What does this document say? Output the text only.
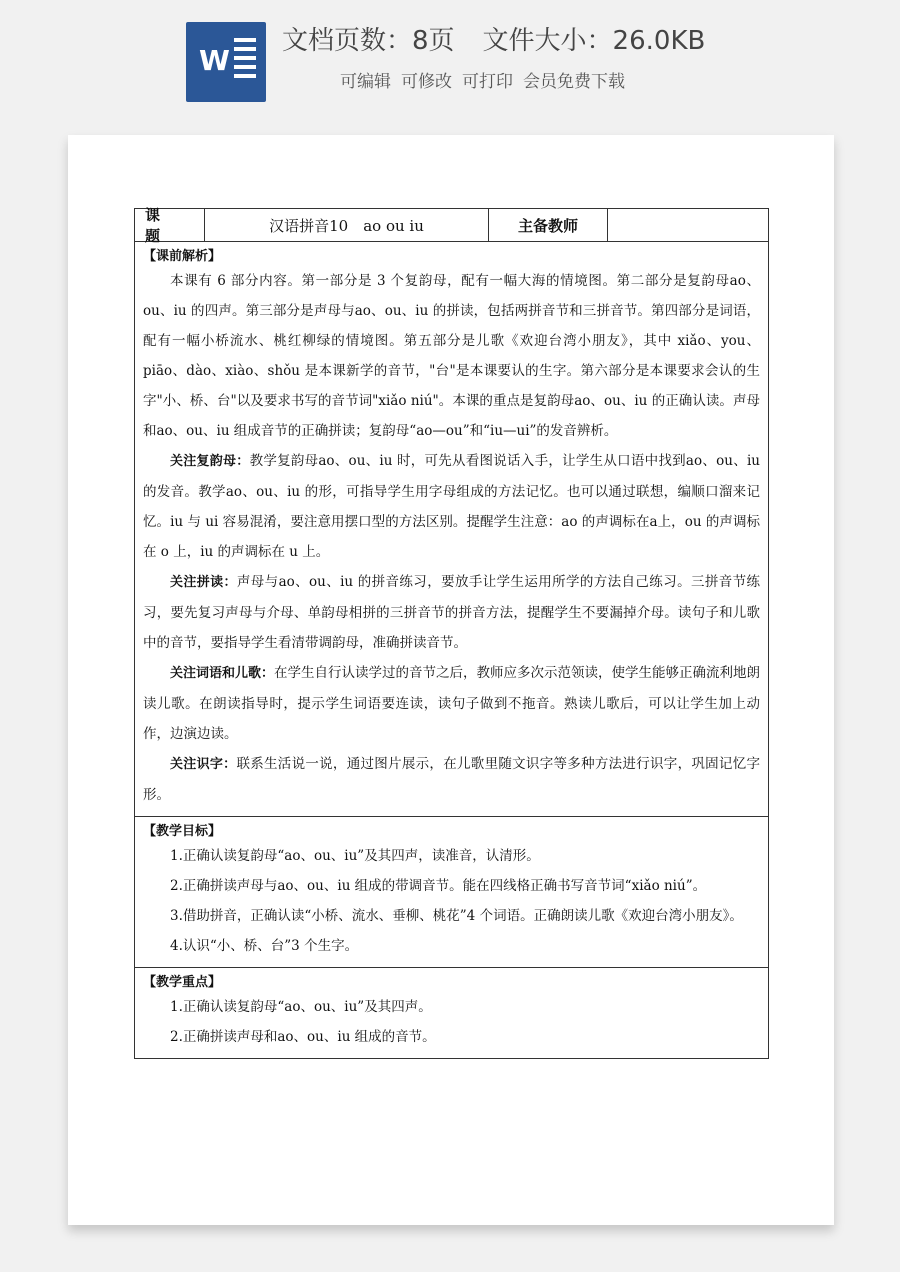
W
文档页数：8页 文件大小：26.0KB
可编辑 可修改 可打印 会员免费下载
课 题
汉语拼音10　ao ou iu	主备教师
【课前解析】

本课有 6 部分内容。第一部分是 3 个复韵母，配有一幅大海的情境图。第二部分是复韵母ao、ou、iu 的四声。第三部分是声母与ao、ou、iu 的拼读，包括两拼音节和三拼音节。第四部分是词语，配有一幅小桥流水、桃红柳绿的情境图。第五部分是儿歌《欢迎台湾小朋友》，其中 xiǎo、you、piāo、dào、xiào、shǒu 是本课新学的音节，"台"是本课要认的生字。第六部分是本课要求会认的生字"小、桥、台"以及要求书写的音节词"xiǎo niú"。本课的重点是复韵母ao、ou、iu 的正确认读。声母和ao、ou、iu 组成音节的正确拼读；复韵母“ao—ou”和“iu—ui”的发音辨析。

关注复韵母：教学复韵母ao、ou、iu 时，可先从看图说话入手，让学生从口语中找到ao、ou、iu 的发音。教学ao、ou、iu 的形，可指导学生用字母组成的方法记忆。也可以通过联想，编顺口溜来记忆。iu 与 ui 容易混淆，要注意用摆口型的方法区别。提醒学生注意：ao 的声调标在a上，ou 的声调标在 o 上，iu 的声调标在 u 上。

关注拼读：声母与ao、ou、iu 的拼音练习，要放手让学生运用所学的方法自己练习。三拼音节练习，要先复习声母与介母、单韵母相拼的三拼音节的拼音方法，提醒学生不要漏掉介母。读句子和儿歌中的音节，要指导学生看清带调韵母，准确拼读音节。

关注词语和儿歌：在学生自行认读学过的音节之后，教师应多次示范领读，使学生能够正确流利地朗读儿歌。在朗读指导时，提示学生词语要连读，读句子做到不拖音。熟读儿歌后，可以让学生加上动作，边演边读。

关注识字：联系生活说一说，通过图片展示，在儿歌里随文识字等多种方法进行识字，巩固记忆字形。

【教学目标】

1.正确认读复韵母“ao、ou、iu”及其四声，读准音，认清形。

2.正确拼读声母与ao、ou、iu 组成的带调音节。能在四线格正确书写音节词“xiǎo niú”。

3.借助拼音，正确认读“小桥、流水、垂柳、桃花”4 个词语。正确朗读儿歌《欢迎台湾小朋友》。

4.认识“小、桥、台”3 个生字。

【教学重点】

1.正确认读复韵母“ao、ou、iu”及其四声。

2.正确拼读声母和ao、ou、iu 组成的音节。
